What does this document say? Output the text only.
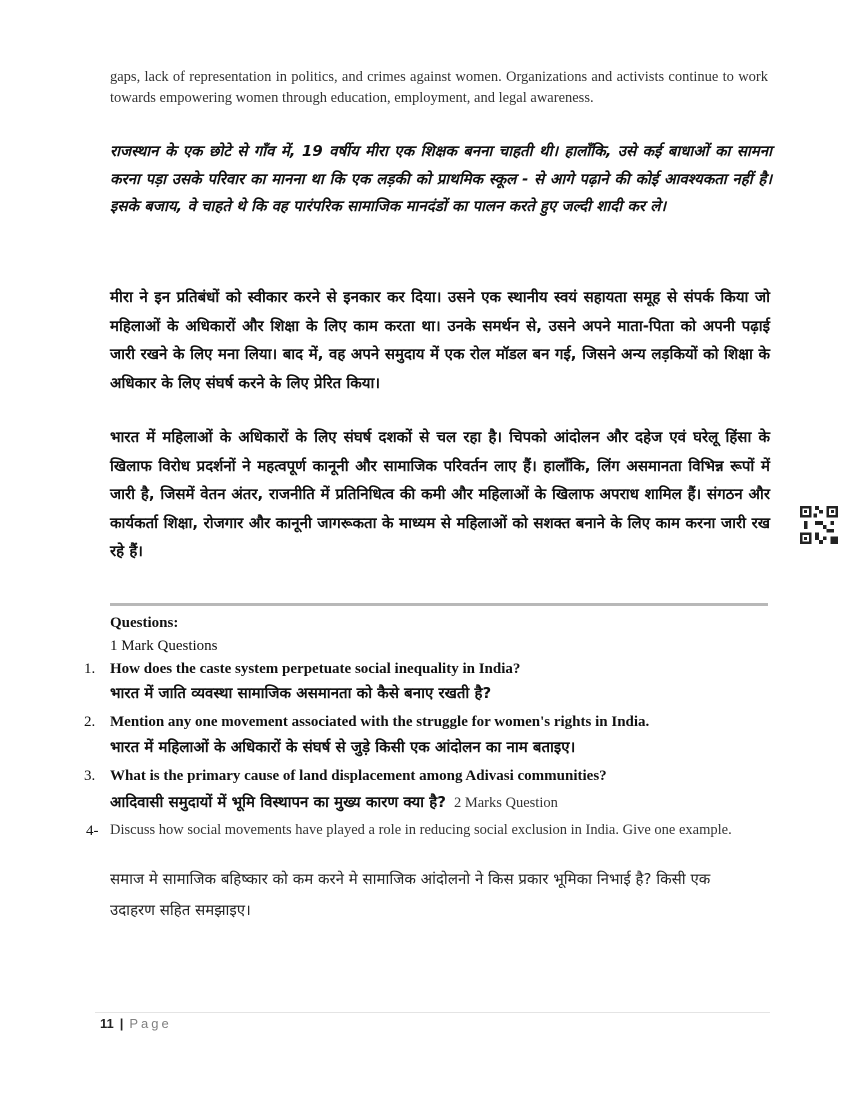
gaps, lack of representation in politics, and crimes against women. Organizations and activists continue to work towards empowering women through education, employment, and legal awareness.
राजस्थान के एक छोटे से गाँव में, 19 वर्षीय मीरा एक शिक्षक बनना चाहती थी। हालाँकि, उसे कई बाधाओं का सामना करना पड़ा उसके परिवार का मानना था कि एक लड़की को प्राथमिक स्कूल - से आगे पढ़ाने की कोई आवश्यकता नहीं है। इसके बजाय, वे चाहते थे कि वह पारंपरिक सामाजिक मानदंडों का पालन करते हुए जल्दी शादी कर ले।
मीरा ने इन प्रतिबंधों को स्वीकार करने से इनकार कर दिया। उसने एक स्थानीय स्वयं सहायता समूह से संपर्क किया जो महिलाओं के अधिकारों और शिक्षा के लिए काम करता था। उनके समर्थन से, उसने अपने माता-पिता को अपनी पढ़ाई जारी रखने के लिए मना लिया। बाद में, वह अपने समुदाय में एक रोल मॉडल बन गई, जिसने अन्य लड़कियों को शिक्षा के अधिकार के लिए संघर्ष करने के लिए प्रेरित किया।
भारत में महिलाओं के अधिकारों के लिए संघर्ष दशकों से चल रहा है। चिपको आंदोलन और दहेज एवं घरेलू हिंसा के खिलाफ विरोध प्रदर्शनों ने महत्वपूर्ण कानूनी और सामाजिक परिवर्तन लाए हैं। हालाँकि, लिंग असमानता विभिन्न रूपों में जारी है, जिसमें वेतन अंतर, राजनीति में प्रतिनिधित्व की कमी और महिलाओं के खिलाफ अपराध शामिल हैं। संगठन और कार्यकर्ता शिक्षा, रोजगार और कानूनी जागरूकता के माध्यम से महिलाओं को सशक्त बनाने के लिए काम करना जारी रख रहे हैं।
Questions:
1 Mark Questions
1. How does the caste system perpetuate social inequality in India?
भारत में जाति व्यवस्था सामाजिक असमानता को कैसे बनाए रखती है?
2. Mention any one movement associated with the struggle for women's rights in India.
भारत में महिलाओं के अधिकारों के संघर्ष से जुड़े किसी एक आंदोलन का नाम बताइए।
3. What is the primary cause of land displacement among Adivasi communities?
आदिवासी समुदायों में भूमि विस्थापन का मुख्य कारण क्या है? 2 Marks Question
4- Discuss how social movements have played a role in reducing social exclusion in India. Give one example.
समाज मे सामाजिक बहिष्कार को कम करने मे सामाजिक आंदोलनो ने किस प्रकार भूमिका निभाई है? किसी एक उदाहरण सहित समझाइए।
11 | Page
